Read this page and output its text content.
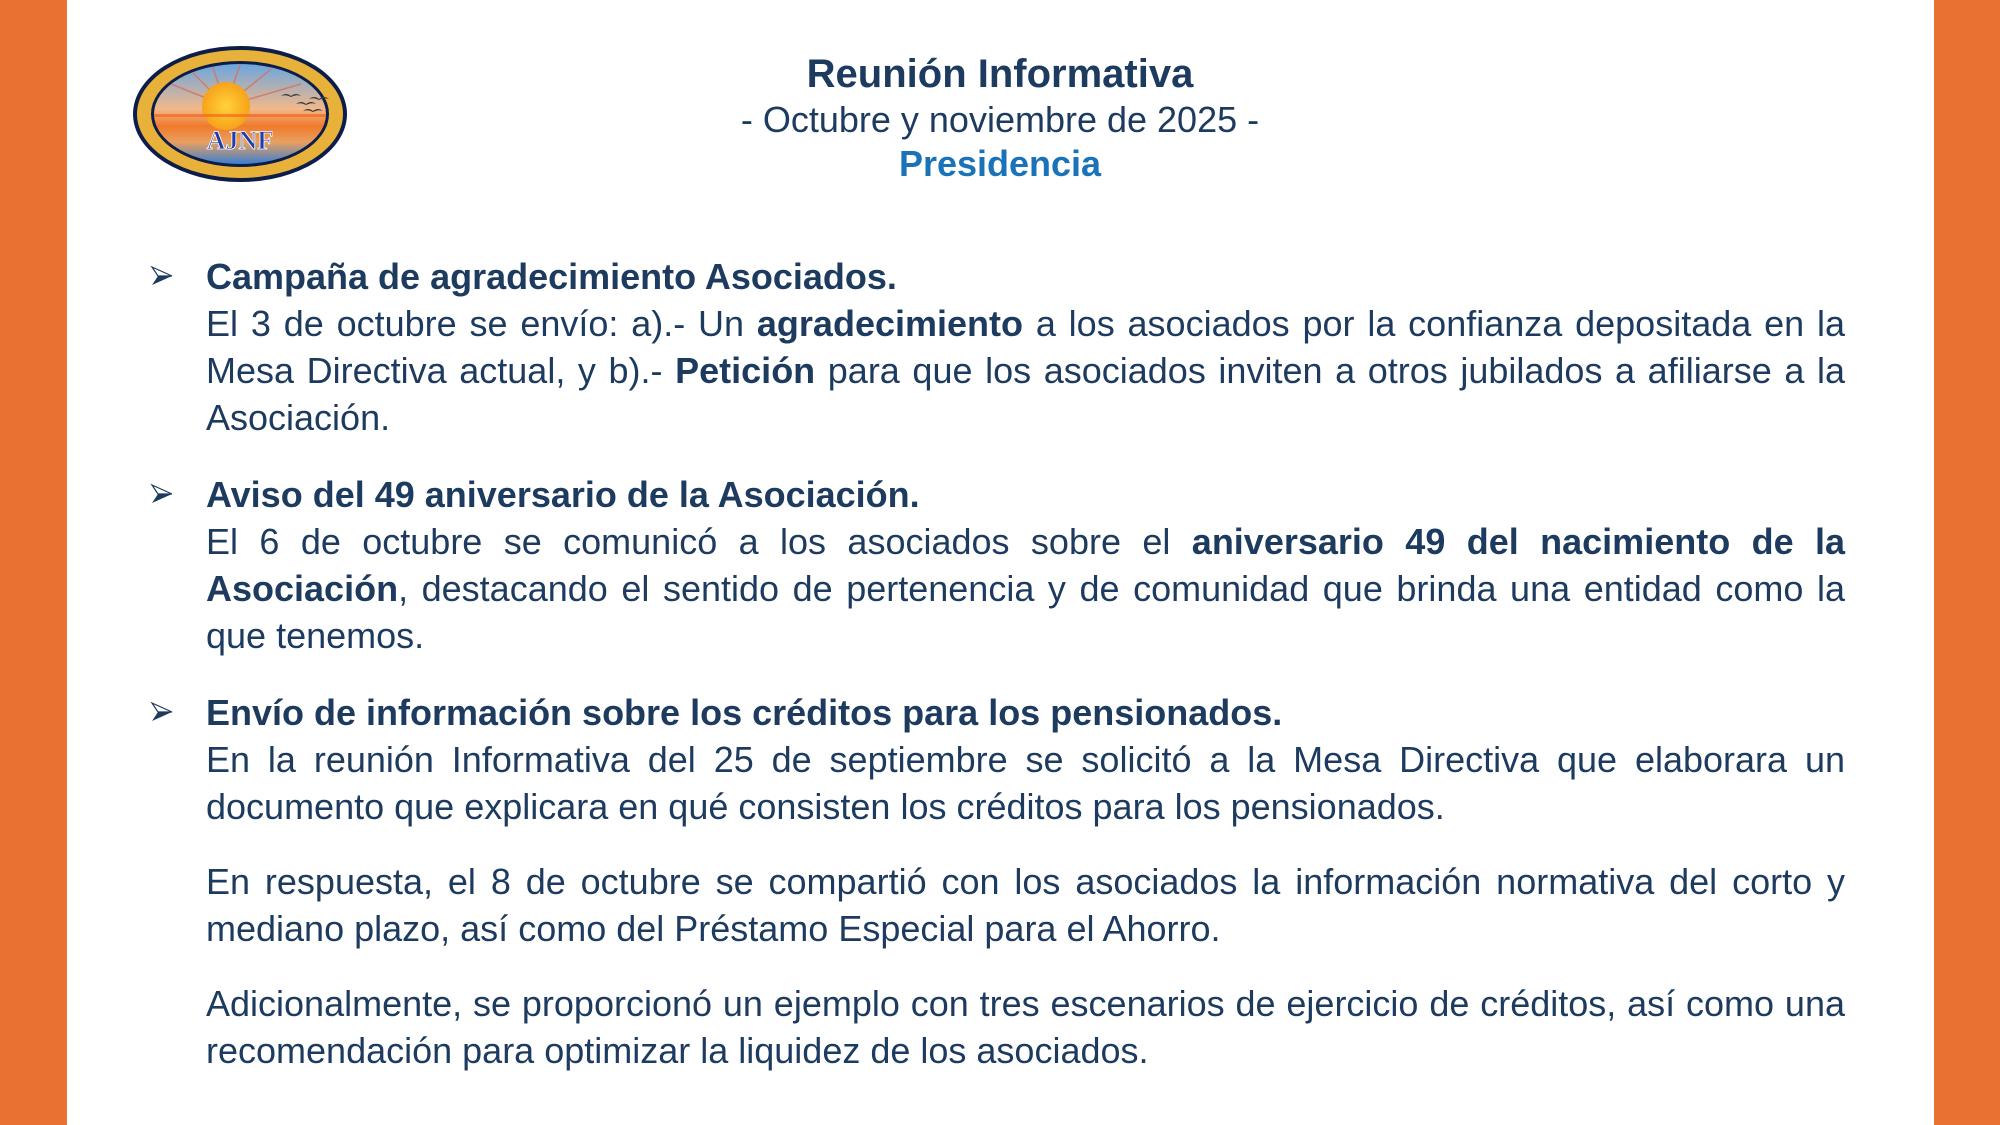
AJNF
Reunión Informativa
- Octubre y noviembre de 2025 -
Presidencia
Campaña de agradecimiento Asociados.

El 3 de octubre se envío: a).- Un agradecimiento a los asociados por la confianza depositada en la Mesa Directiva actual, y b).- Petición para que los asociados inviten a otros jubilados a afiliarse a la Asociación.

Aviso del 49 aniversario de la Asociación.

El 6 de octubre se comunicó a los asociados sobre el aniversario 49 del nacimiento de la Asociación, destacando el sentido de pertenencia y de comunidad que brinda una entidad como la que tenemos.

Envío de información sobre los créditos para los pensionados.

En la reunión Informativa del 25 de septiembre se solicitó a la Mesa Directiva que elaborara un documento que explicara en qué consisten los créditos para los pensionados.

En respuesta, el 8 de octubre se compartió con los asociados la información normativa del corto y mediano plazo, así como del Préstamo Especial para el Ahorro.

Adicionalmente, se proporcionó un ejemplo con tres escenarios de ejercicio de créditos, así como una recomendación para optimizar la liquidez de los asociados.
